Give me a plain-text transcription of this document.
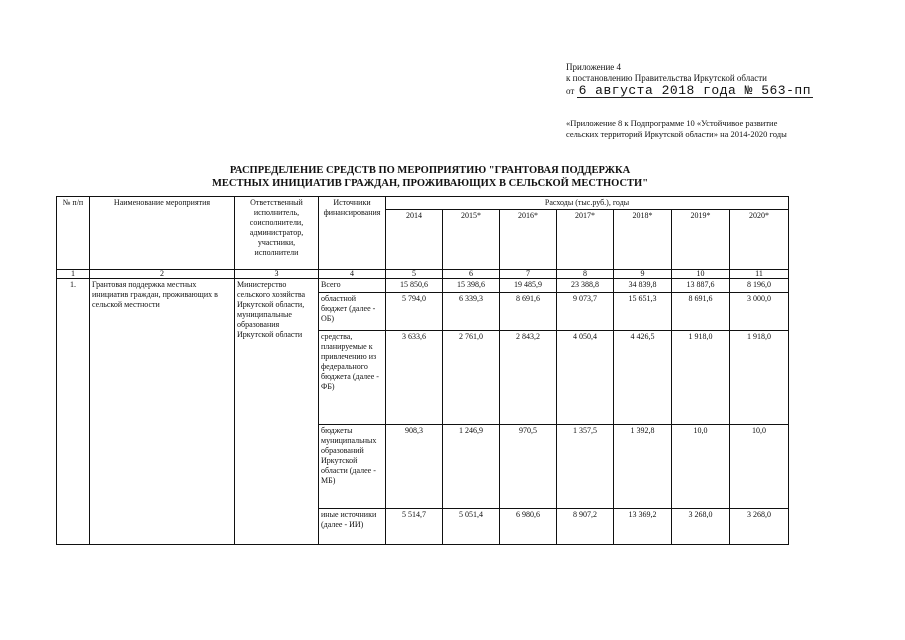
Приложение 4
к постановлению Правительства Иркутской области
от 6 августа 2018 года № 563-пп
«Приложение 8 к Подпрограмме 10 «Устойчивое развитие сельских территорий Иркутской области» на 2014-2020 годы
РАСПРЕДЕЛЕНИЕ СРЕДСТВ ПО МЕРОПРИЯТИЮ "ГРАНТОВАЯ ПОДДЕРЖКА
МЕСТНЫХ ИНИЦИАТИВ ГРАЖДАН, ПРОЖИВАЮЩИХ В СЕЛЬСКОЙ МЕСТНОСТИ"
№ п/п	Наименование мероприятия	Ответственный исполнитель, соисполнители, администратор, участники, исполнители	Источники финансирования	Расходы (тыс.руб.), годы						
				2014	2015*	2016*	2017*	2018*	2019*	2020*
1	2	3	4	5	6	7	8	9	10	11
1.	Грантовая поддержка местных инициатив граждан, проживающих в сельской местности	Министерство сельского хозяйства Иркутской области, муниципальные образования Иркутской области	Всего	15 850,6	15 398,6	19 485,9	23 388,8	34 839,8	13 887,6	8 196,0
			областной бюджет (далее - ОБ)	5 794,0	6 339,3	8 691,6	9 073,7	15 651,3	8 691,6	3 000,0
			средства, планируемые к привлечению из федерального бюджета (далее - ФБ)	3 633,6	2 761,0	2 843,2	4 050,4	4 426,5	1 918,0	1 918,0
			бюджеты муниципальных образований Иркутской области (далее - МБ)	908,3	1 246,9	970,5	1 357,5	1 392,8	10,0	10,0
			иные источники (далее - ИИ)	5 514,7	5 051,4	6 980,6	8 907,2	13 369,2	3 268,0	3 268,0
